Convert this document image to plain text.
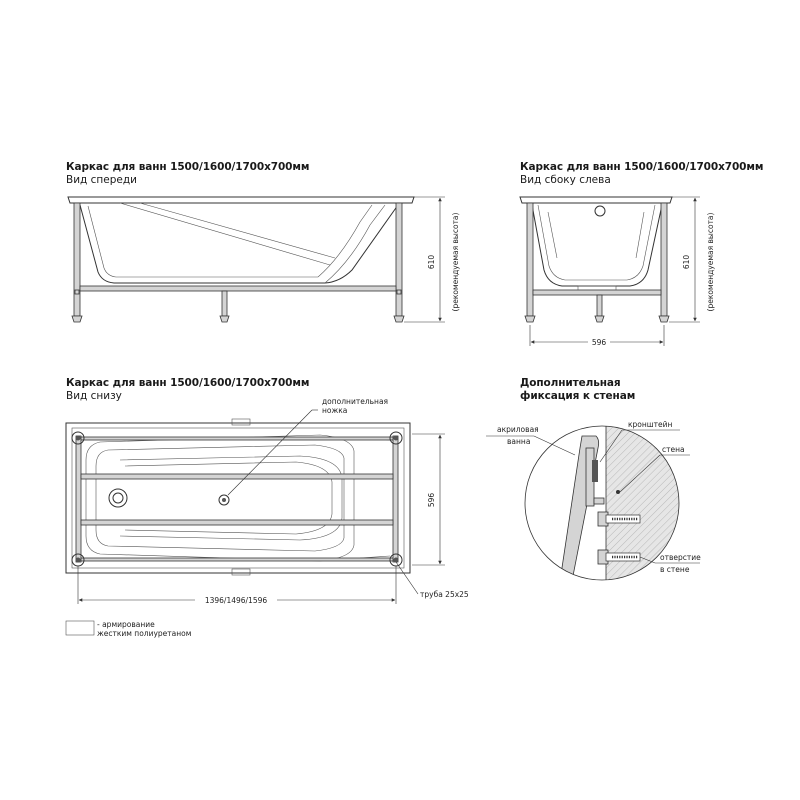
Каркас для ванн 1500/1600/1700х700мм
Вид спереди
Каркас для ванн 1500/1600/1700х700мм
Вид сбоку слева
Каркас для ванн 1500/1600/1700х700мм
Вид снизу
Дополнительная
фиксация к стенам
610 (рекомендуемая высота)
596
610 (рекомендуемая высота)
дополнительная
ножка
596
1396/1496/1596
труба 25x25
- армирование
жестким полиуретаном
акриловая
ванна
кронштейн
стена
отверстие
в стене
